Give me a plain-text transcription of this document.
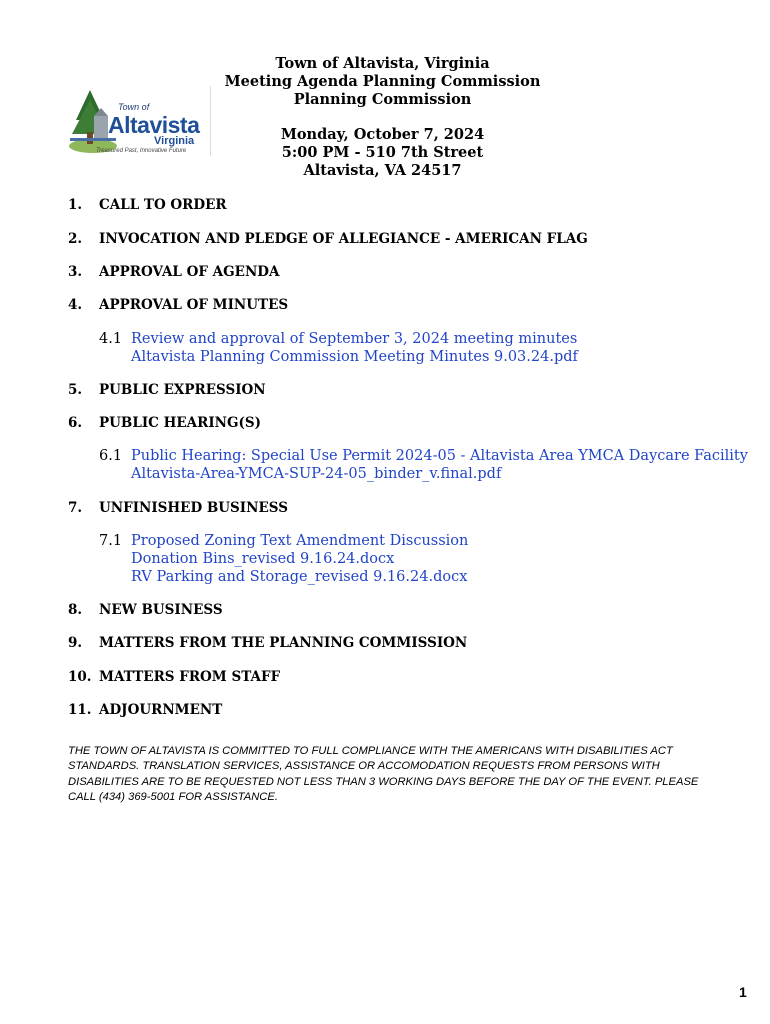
Town of
Altavista
Virginia
Treasured Past, Innovative Future
Town of Altavista, Virginia
Meeting Agenda Planning Commission
Planning Commission
Monday, October 7, 2024
5:00 PM - 510 7th Street
Altavista, VA 24517
1.	CALL TO ORDER
2.	INVOCATION AND PLEDGE OF ALLEGIANCE - AMERICAN FLAG
3.	APPROVAL OF AGENDA
4.	APPROVAL OF MINUTES
4.1 Review and approval of September 3, 2024 meeting minutes
Altavista Planning Commission Meeting Minutes 9.03.24.pdf
5.	PUBLIC EXPRESSION
6.	PUBLIC HEARING(S)
6.1 Public Hearing: Special Use Permit 2024-05 - Altavista Area YMCA Daycare Facility
Altavista-Area-YMCA-SUP-24-05_binder_v.final.pdf
7.	UNFINISHED BUSINESS
7.1 Proposed Zoning Text Amendment Discussion
Donation Bins_revised 9.16.24.docx
RV Parking and Storage_revised 9.16.24.docx
8.	NEW BUSINESS
9.	MATTERS FROM THE PLANNING COMMISSION
10. MATTERS FROM STAFF
11. ADJOURNMENT
THE TOWN OF ALTAVISTA IS COMMITTED TO FULL COMPLIANCE WITH THE AMERICANS WITH DISABILITIES ACT STANDARDS. TRANSLATION SERVICES, ASSISTANCE OR ACCOMODATION REQUESTS FROM PERSONS WITH DISABILITIES ARE TO BE REQUESTED NOT LESS THAN 3 WORKING DAYS BEFORE THE DAY OF THE EVENT. PLEASE CALL (434) 369-5001 FOR ASSISTANCE.
1
